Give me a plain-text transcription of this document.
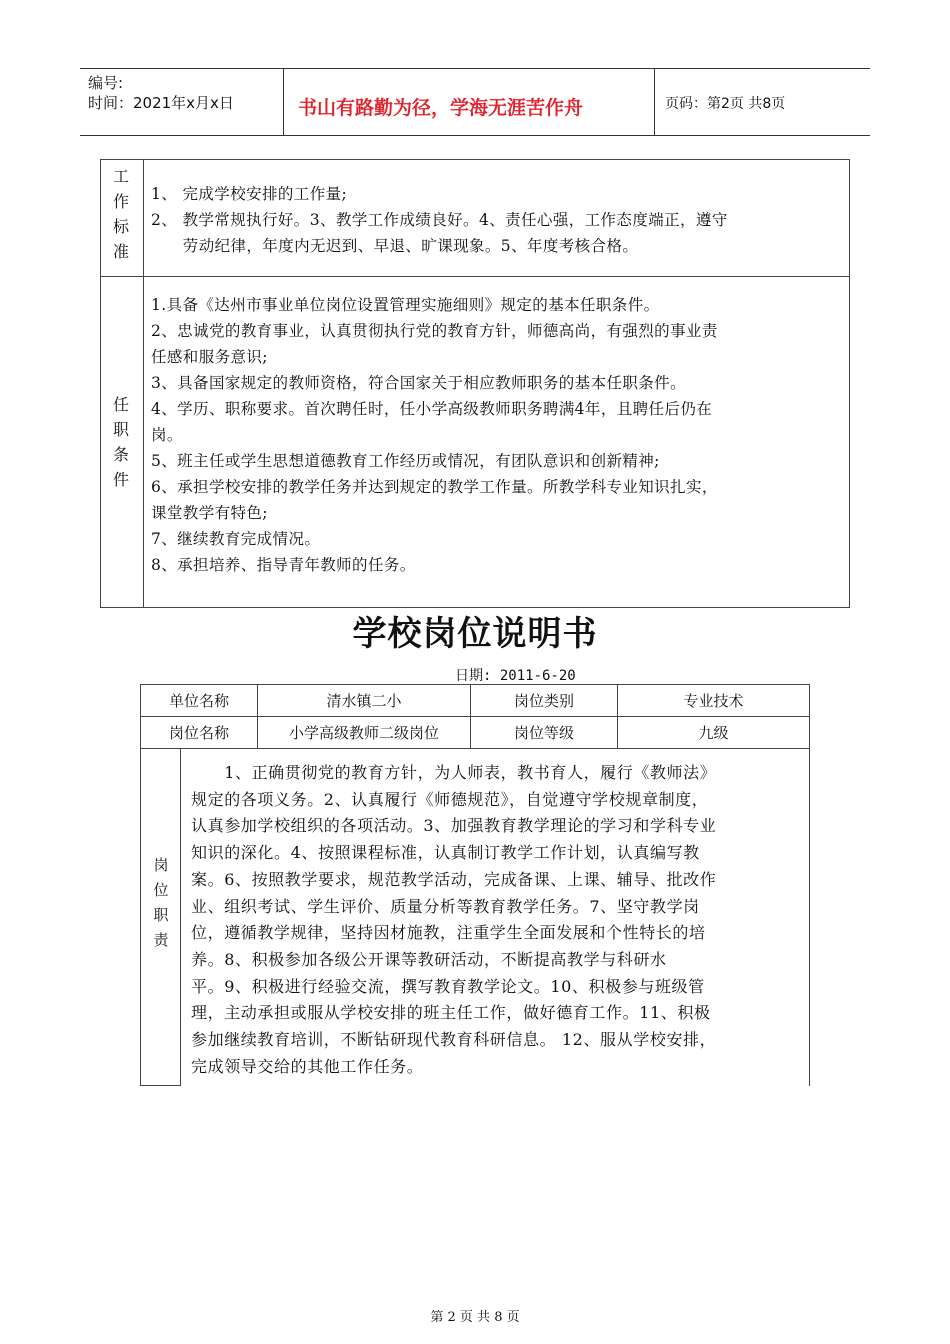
编号:
时间：2021年x月x日	书山有路勤为径，学海无涯苦作舟	页码：第2页 共8页
工
作
标
准

1、 完成学校安排的工作量;

2、 教学常规执行好。3、教学工作成绩良好。4、责任心强，工作态度端正，遵守

　　劳动纪律，年度内无迟到、早退、旷课现象。5、年度考核合格。

任
职
条
件

1.具备《达州市事业单位岗位设置管理实施细则》规定的基本任职条件。

2、忠诚党的教育事业，认真贯彻执行党的教育方针，师德高尚，有强烈的事业责

任感和服务意识;

3、具备国家规定的教师资格，符合国家关于相应教师职务的基本任职条件。

4、学历、职称要求。首次聘任时，任小学高级教师职务聘满4年，且聘任后仍在

岗。

5、班主任或学生思想道德教育工作经历或情况，有团队意识和创新精神;

6、承担学校安排的教学任务并达到规定的教学工作量。所教学科专业知识扎实，

课堂教学有特色;

7、继续教育完成情况。

8、承担培养、指导青年教师的任务。

学校岗位说明书
日期: 2011-6-20
单位名称	清水镇二小	岗位类别	专业技术
岗位名称	小学高级教师二级岗位	岗位等级	九级
岗
位
职
责
　　1、正确贯彻党的教育方针，为人师表，教书育人，履行《教师法》
规定的各项义务。2、认真履行《师德规范》，自觉遵守学校规章制度，
认真参加学校组织的各项活动。3、加强教育教学理论的学习和学科专业
知识的深化。4、按照课程标准，认真制订教学工作计划，认真编写教
案。6、按照教学要求，规范教学活动，完成备课、上课、辅导、批改作
业、组织考试、学生评价、质量分析等教育教学任务。7、坚守教学岗
位，遵循教学规律，坚持因材施教，注重学生全面发展和个性特长的培
养。8、积极参加各级公开课等教研活动，不断提高教学与科研水
平。9、积极进行经验交流，撰写教育教学论文。10、积极参与班级管
理，主动承担或服从学校安排的班主任工作，做好德育工作。11、积极
参加继续教育培训，不断钻研现代教育科研信息。 12、服从学校安排，
完成领导交给的其他工作任务。
第 2 页 共 8 页
